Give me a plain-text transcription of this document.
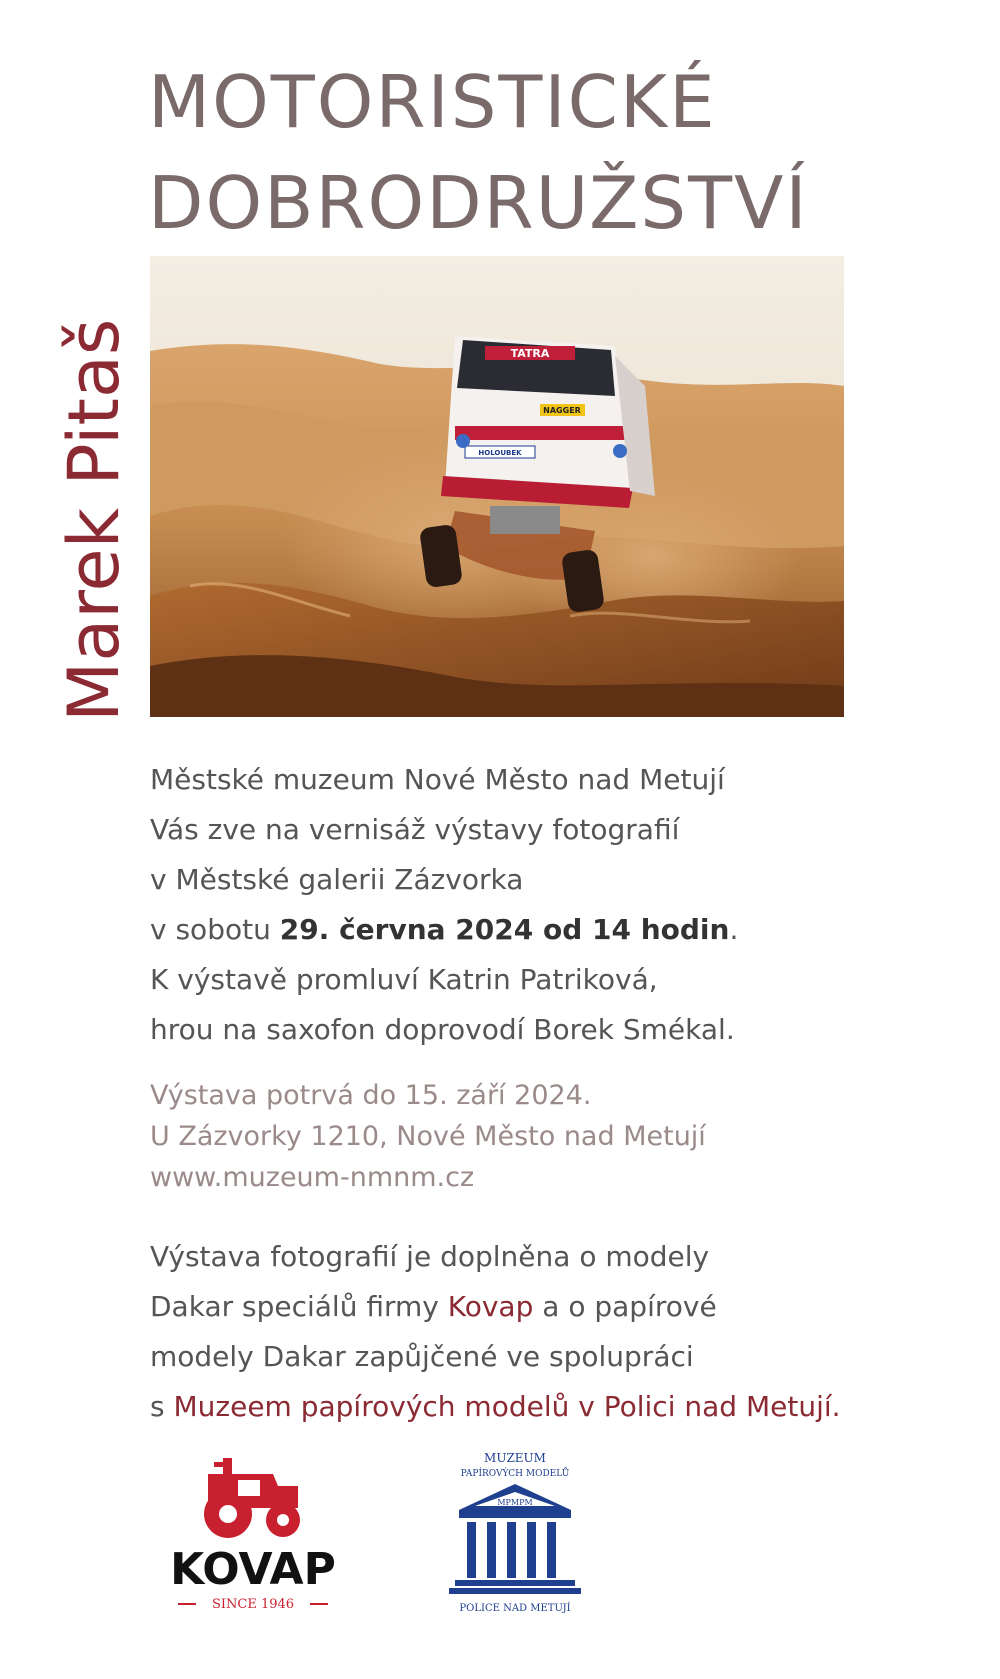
MOTORISTICKÉ
DOBRODRUŽSTVÍ
Marek Pitaš	TATRA
NAGGER
HOLOUBEK

Městské muzeum Nové Město nad Metují

Vás zve na vernisáž výstavy fotografií

v Městské galerii Zázvorka

v sobotu 29. června 2024 od 14 hodin.

K výstavě promluví Katrin Patriková,

hrou na saxofon doprovodí Borek Smékal.

Výstava potrvá do 15. září 2024.

U Zázvorky 1210, Nové Město nad Metují

www.muzeum-nmnm.cz

Výstava fotografií je doplněna o modely

Dakar speciálů firmy Kovap a o papírové

modely Dakar zapůjčené ve spolupráci

s Muzeem papírových modelů v Polici nad Metují.

KOVAP
SINCE 1946
MUZEUM
PAPÍROVÝCH MODELŮ
MPMPM
POLICE NAD METUJÍ
